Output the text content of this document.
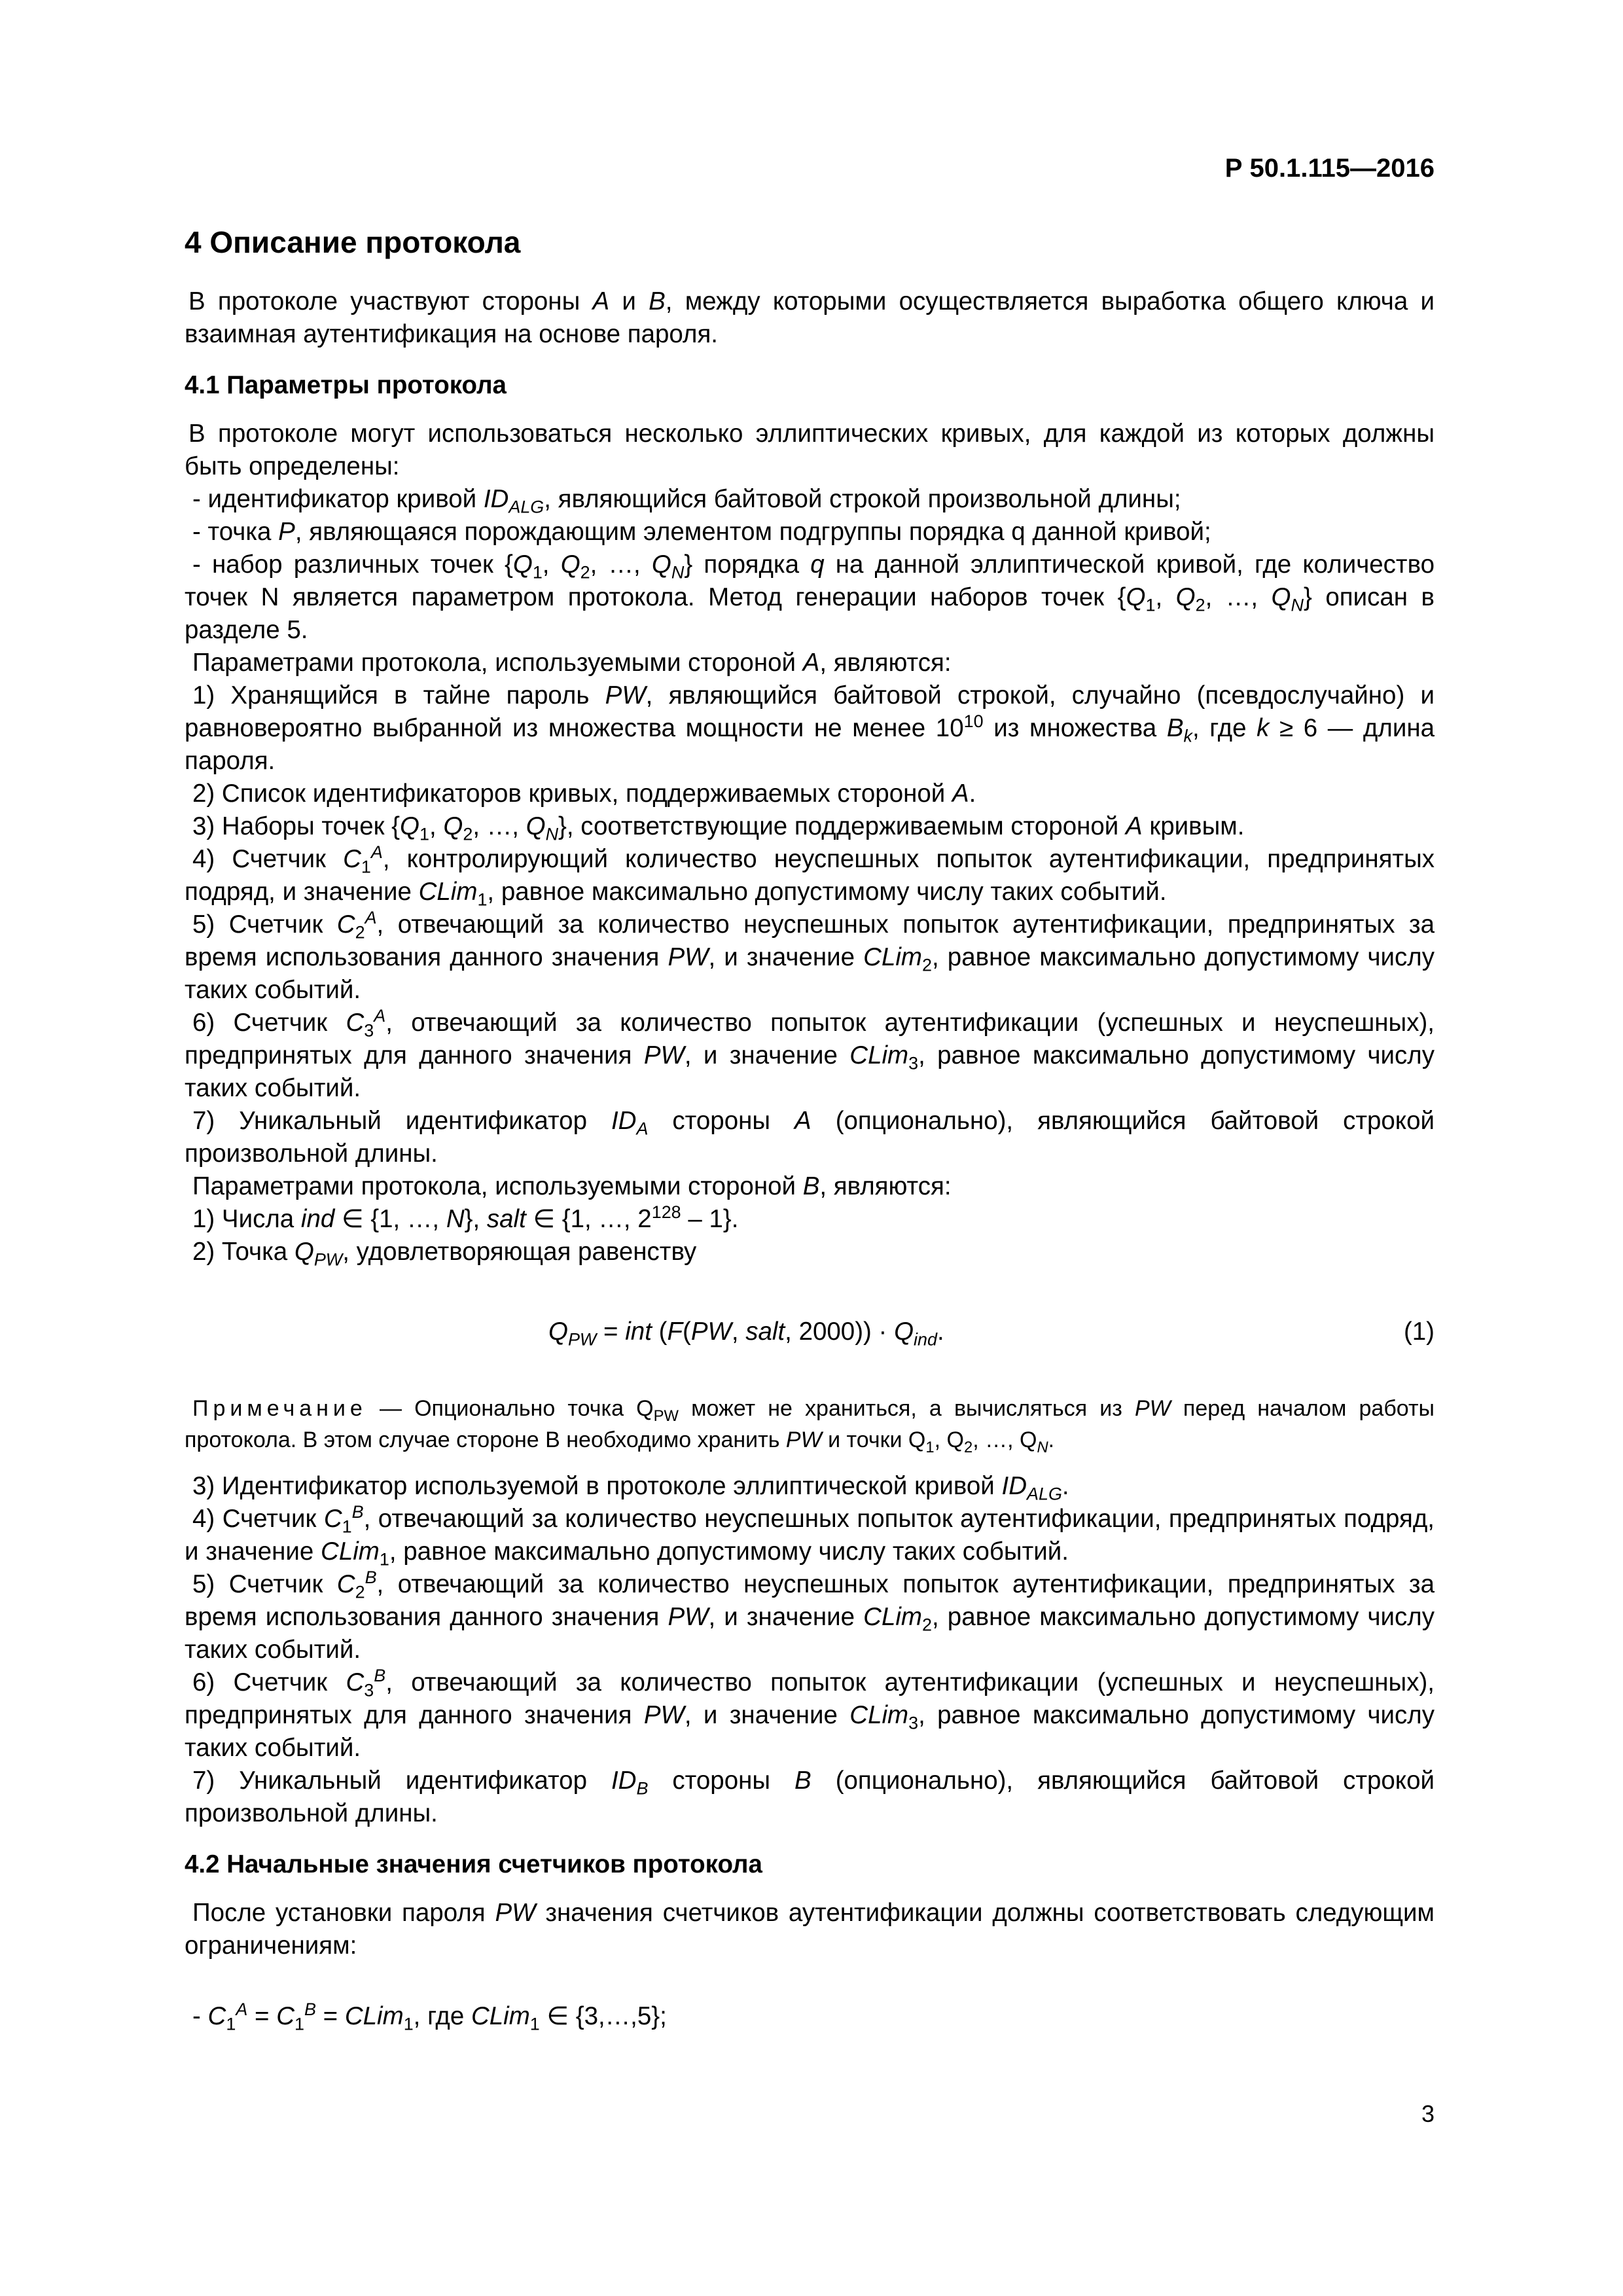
Р 50.1.115—2016
4 Описание протокола

В протоколе участвуют стороны A и B, между которыми осуществляется выработка общего ключа и взаимная аутентификация на основе пароля.

4.1 Параметры протокола

В протоколе могут использоваться несколько эллиптических кривых, для каждой из которых должны быть определены:

- идентификатор кривой $ID_{ALG}$, являющийся байтовой строкой произвольной длины;

- точка P, являющаяся порождающим элементом подгруппы порядка q данной кривой;

- набор различных точек {$Q_1$, $Q_2$, …, $Q_N$} порядка q на данной эллиптической кривой, где количество точек N является параметром протокола. Метод генерации наборов точек {$Q_1$, $Q_2$, …, $Q_N$} описан в разделе 5.

Параметрами протокола, используемыми стороной А, являются:

1) Хранящийся в тайне пароль PW, являющийся байтовой строкой, случайно (псевдослучайно) и равновероятно выбранной из множества мощности не менее $10^{10}$ из множества $B_k$, где k ≥ 6 — длина пароля.

2) Список идентификаторов кривых, поддерживаемых стороной А.

3) Наборы точек {$Q_1$, $Q_2$, …, $Q_N$}, соответствующие поддерживаемым стороной А кривым.

4) Счетчик $C_1^A$, контролирующий количество неуспешных попыток аутентификации, предпринятых подряд, и значение CLim$_1$, равное максимально допустимому числу таких событий.

5) Счетчик $C_2^A$, отвечающий за количество неуспешных попыток аутентификации, предпринятых за время использования данного значения PW, и значение CLim$_2$, равное максимально допустимому числу таких событий.

6) Счетчик $C_3^A$, отвечающий за количество попыток аутентификации (успешных и неуспешных), предпринятых для данного значения PW, и значение CLim$_3$, равное максимально допустимому числу таких событий.

7) Уникальный идентификатор $ID_A$ стороны A (опционально), являющийся байтовой строкой произвольной длины.

Параметрами протокола, используемыми стороной B, являются:

1) Числа ind ∈ {1, …, N}, salt ∈ {1, …, $2^{128} - 1$}.

2) Точка $Q_{PW}$, удовлетворяющая равенству

$Q_{PW}$ = int (F(PW, salt, $2000)) \cdot Q_{ind}$.	(1)

Примечание — Опционально точка $Q_{PW}$ может не храниться, а вычисляться из PW перед началом работы протокола. В этом случае стороне В необходимо хранить PW и точки $Q_1$, $Q_2$, …, $Q_N$.

3) Идентификатор используемой в протоколе эллиптической кривой $ID_{ALG}$.

4) Счетчик $C_1^B$, отвечающий за количество неуспешных попыток аутентификации, предпринятых подряд, и значение CLim$_1$, равное максимально допустимому числу таких событий.

5) Счетчик $C_2^B$, отвечающий за количество неуспешных попыток аутентификации, предпринятых за время использования данного значения PW, и значение CLim$_2$, равное максимально допустимому числу таких событий.

6) Счетчик $C_3^B$, отвечающий за количество попыток аутентификации (успешных и неуспешных), предпринятых для данного значения PW, и значение CLim$_3$, равное максимально допустимому числу таких событий.

7) Уникальный идентификатор $ID_B$ стороны B (опционально), являющийся байтовой строкой произвольной длины.

4.2 Начальные значения счетчиков протокола

После установки пароля PW значения счетчиков аутентификации должны соответствовать следующим ограничениям:

- $C_1^A = C_1^B$ = CLim$_1$, где CLim$_1$ ∈ {3,…,5};

3
